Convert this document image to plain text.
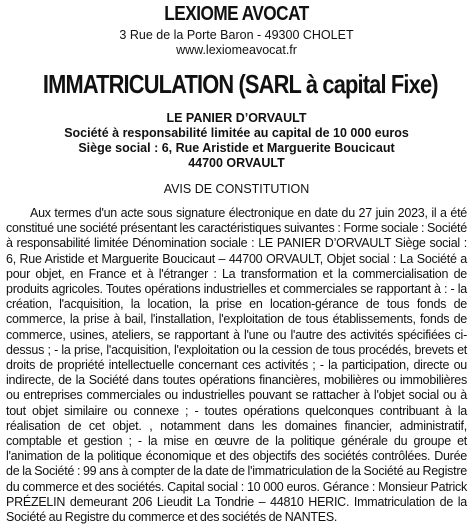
LEXIOME AVOCAT
3 Rue de la Porte Baron - 49300 CHOLET
www.lexiomeavocat.fr
IMMATRICULATION (SARL à capital Fixe)
LE PANIER D’ORVAULT
Société à responsabilité limitée au capital de 10 000 euros
Siège social : 6, Rue Aristide et Marguerite Boucicaut
44700 ORVAULT
AVIS DE CONSTITUTION
Aux termes d'un acte sous signature électronique en date du 27 juin 2023, il a été constitué une société présentant les caractéristiques suivantes : Forme sociale : Société à responsabilité limitée Dénomination sociale : LE PANIER D’ORVAULT Siège social : 6, Rue Aristide et Marguerite Boucicaut – 44700 ORVAULT, Objet social : La Société a pour objet, en France et à l'étranger : La transformation et la commercialisation de produits agricoles. Toutes opérations industrielles et commerciales se rapportant à : - la création, l'acquisition, la location, la prise en location-gérance de tous fonds de commerce, la prise à bail, l'installation, l'exploitation de tous établissements, fonds de commerce, usines, ateliers, se rapportant à l'une ou l'autre des activités spécifiées ci-dessus ; - la prise, l'acquisition, l'exploitation ou la cession de tous procédés, brevets et droits de propriété intellectuelle concernant ces activités ; - la participation, directe ou indirecte, de la Société dans toutes opérations financières, mobilières ou immobilières ou entreprises commerciales ou industrielles pouvant se rattacher à l'objet social ou à tout objet similaire ou connexe ; - toutes opérations quelconques contribuant à la réalisation de cet objet. , notamment dans les domaines financier, administratif, comptable et gestion ; - la mise en œuvre de la politique générale du groupe et l'animation de la politique économique et des objectifs des sociétés contrôlées. Durée de la Société : 99 ans à compter de la date de l'immatriculation de la Société au Registre du commerce et des sociétés. Capital social : 10 000 euros. Gérance : Monsieur Patrick PRÉZELIN demeurant 206 Lieudit La Tondrie – 44810 HERIC. Immatriculation de la Société au Registre du commerce et des sociétés de NANTES.
